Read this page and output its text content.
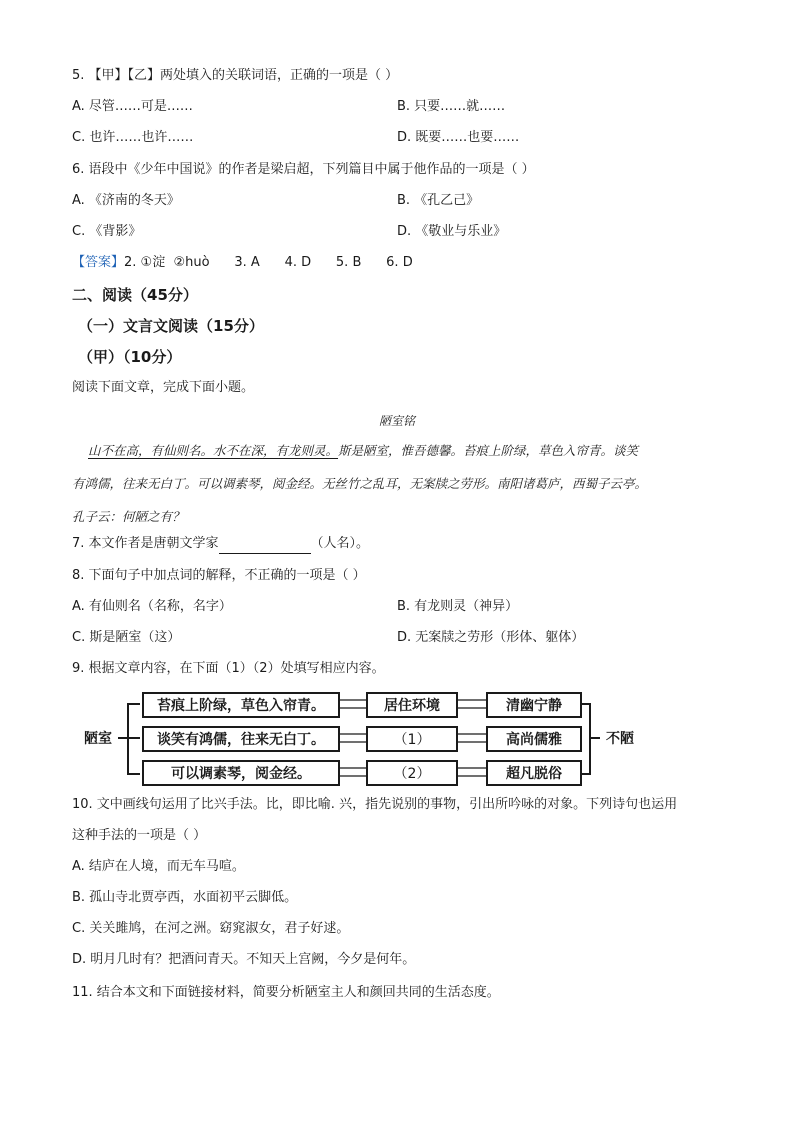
5. 【甲】【乙】两处填入的关联词语，正确的一项是（ ）
A. 尽管……可是……	B. 只要……就……
C. 也许……也许……	D. 既要……也要……
6. 语段中《少年中国说》的作者是梁启超，下列篇目中属于他作品的一项是（ ）
A. 《济南的冬天》	B. 《孔乙己》
C. 《背影》	D. 《敬业与乐业》
【答案】2. ①淀  ②huò      3. A      4. D      5. B      6. D
二、阅读（45分）
（一）文言文阅读（15分）
（甲）（10分）
阅读下面文章，完成下面小题。
陋室铭
山不在高，有仙则名。水不在深，有龙则灵。斯是陋室，惟吾德馨。苔痕上阶绿，草色入帘青。谈笑
有鸿儒，往来无白丁。可以调素琴，阅金经。无丝竹之乱耳，无案牍之劳形。南阳诸葛庐，西蜀子云亭。
孔子云：何陋之有？
7. 本文作者是唐朝文学家	（人名）。
8. 下面句子中加点词的解释，不正确的一项是（ ）
A. 有仙则名（名称，名字）	B. 有龙则灵（神异）
C. 斯是陋室（这）	D. 无案牍之劳形（形体、躯体）
9. 根据文章内容，在下面（1）（2）处填写相应内容。
陋室	不陋
苔痕上阶绿，草色入帘青。	居住环境	清幽宁静
谈笑有鸿儒，往来无白丁。	（1）	高尚儒雅
可以调素琴，阅金经。	（2）	超凡脱俗
10. 文中画线句运用了比兴手法。比，即比喻. 兴，指先说别的事物，引出所吟咏的对象。下列诗句也运用
这种手法的一项是（ ）
A. 结庐在人境，而无车马喧。
B. 孤山寺北贾亭西，水面初平云脚低。
C. 关关雎鸠，在河之洲。窈窕淑女，君子好逑。
D. 明月几时有？把酒问青天。不知天上宫阙，今夕是何年。
11. 结合本文和下面链接材料，简要分析陋室主人和颜回共同的生活态度。
